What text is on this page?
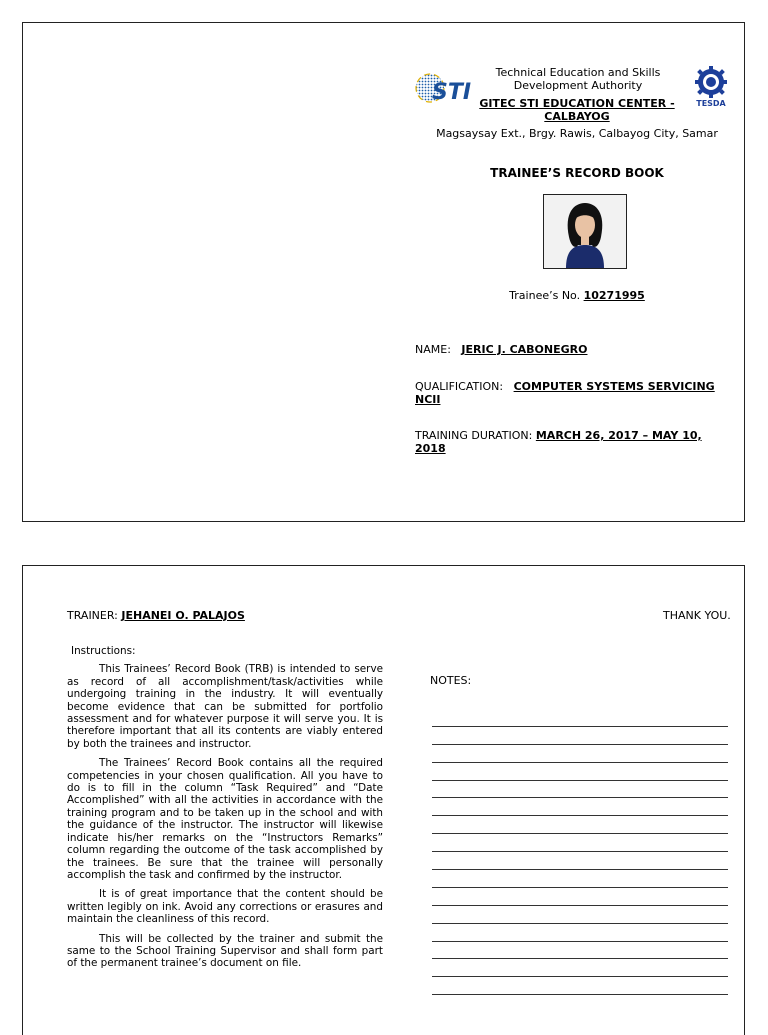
STI
Technical Education and Skills Development Authority
GITEC STI EDUCATION CENTER - CALBAYOG
TESDA
Magsaysay Ext., Brgy. Rawis, Calbayog City, Samar
TRAINEE’S RECORD BOOK
Trainee’s No. 10271995
NAME: JERIC J. CABONEGRO
QUALIFICATION: COMPUTER SYSTEMS SERVICING NCII
TRAINING DURATION: MARCH 26, 2017 – MAY 10, 2018
TRAINER: JEHANEI O. PALAJOS	THANK YOU.
Instructions:

This Trainees’ Record Book (TRB) is intended to serve as record of all accomplishment/task/activities while undergoing training in the industry. It will eventually become evidence that can be submitted for portfolio assessment and for whatever purpose it will serve you. It is therefore important that all its contents are viably entered by both the trainees and instructor.

The Trainees’ Record Book contains all the required competencies in your chosen qualification. All you have to do is to fill in the column “Task Required” and “Date Accomplished” with all the activities in accordance with the training program and to be taken up in the school and with the guidance of the instructor. The instructor will likewise indicate his/her remarks on the “Instructors Remarks” column regarding the outcome of the task accomplished by the trainees. Be sure that the trainee will personally accomplish the task and confirmed by the instructor.

It is of great importance that the content should be written legibly on ink. Avoid any corrections or erasures and maintain the cleanliness of this record.

This will be collected by the trainer and submit the same to the School Training Supervisor and shall form part of the permanent trainee’s document on file.

NOTES:
